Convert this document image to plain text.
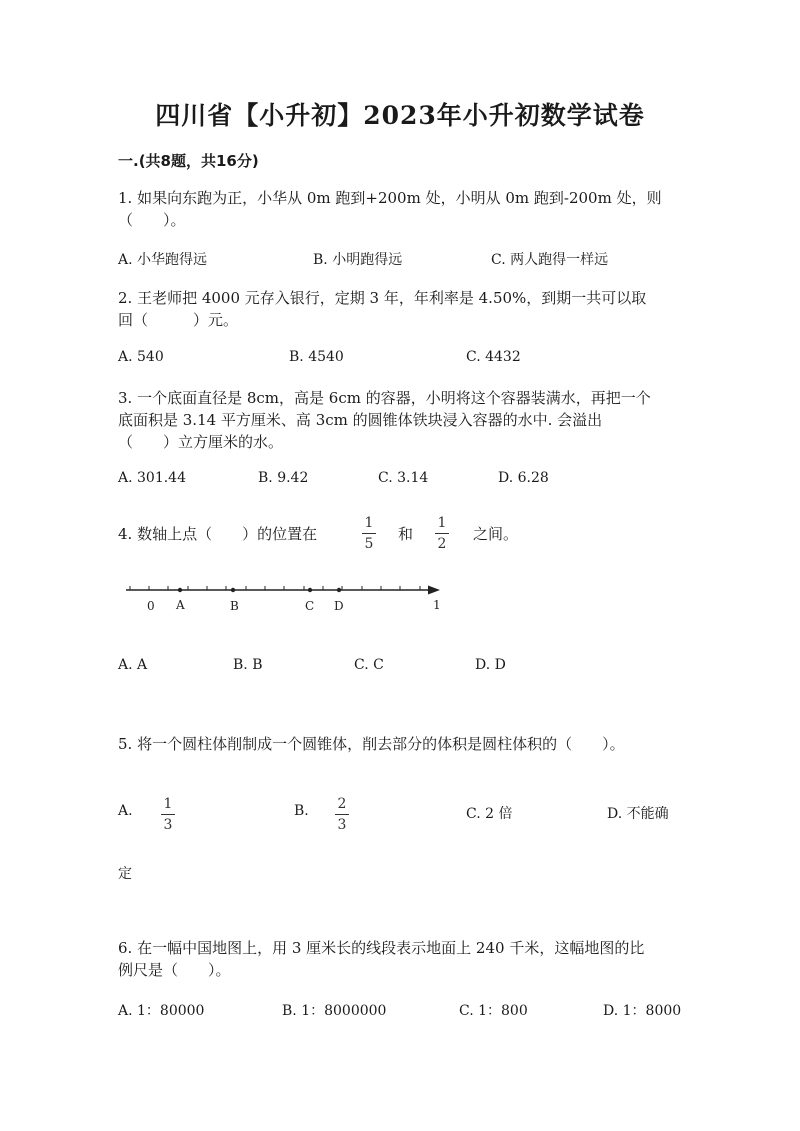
四川省【小升初】2023年小升初数学试卷
一.(共8题，共16分)
1. 如果向东跑为正，小华从 0m 跑到+200m 处，小明从 0m 跑到-200m 处，则
（　　）。
A. 小华跑得远	B. 小明跑得远	C. 两人跑得一样远
2. 王老师把 4000 元存入银行，定期 3 年，年利率是 4.50%，到期一共可以取
回（　　　）元。
A. 540	B. 4540	C. 4432
3. 一个底面直径是 8cm，高是 6cm 的容器，小明将这个容器装满水，再把一个
底面积是 3.14 平方厘米、高 3cm 的圆锥体铁块浸入容器的水中. 会溢出
（　　）立方厘米的水。
A. 301.44	B. 9.42	C. 3.14	D. 6.28
4. 数轴上点（　　）的位置在
1
5
和
1
2
之间。
0 A	B	C D	1
A. A	B. B	C. C	D. D
5. 将一个圆柱体削制成一个圆锥体，削去部分的体积是圆柱体积的（　　）。
A.	1
3
B.	2
3
C. 2 倍	D. 不能确
定
6. 在一幅中国地图上，用 3 厘米长的线段表示地面上 240 千米，这幅地图的比
例尺是（　　）。
A. 1：80000	B. 1：8000000	C. 1：800	D. 1：8000
